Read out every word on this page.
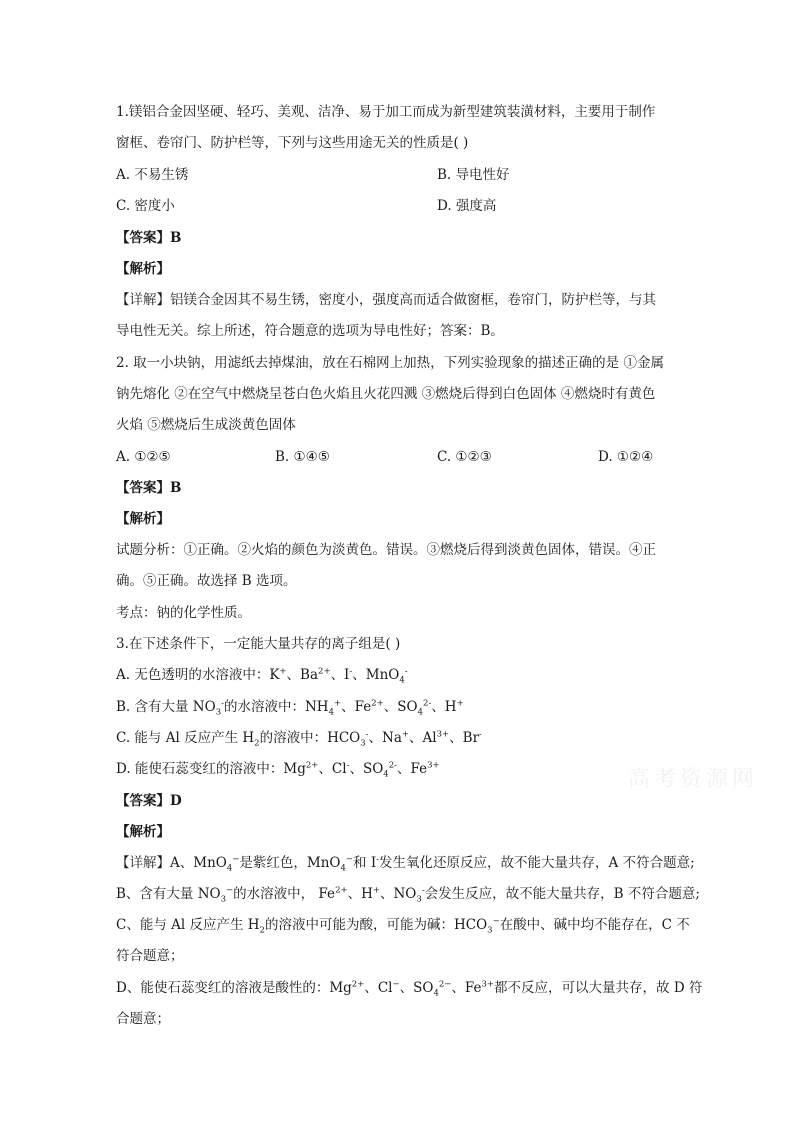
1.镁铝合金因坚硬、轻巧、美观、洁净、易于加工而成为新型建筑装潢材料，主要用于制作
窗框、卷帘门、防护栏等，下列与这些用途无关的性质是( )
A. 不易生锈	B. 导电性好
C. 密度小	D. 强度高
【答案】B
【解析】
【详解】铝镁合金因其不易生锈，密度小，强度高而适合做窗框，卷帘门，防护栏等，与其
导电性无关。综上所述，符合题意的选项为导电性好；答案：B。
2. 取一小块钠，用滤纸去掉煤油，放在石棉网上加热，下列实验现象的描述正确的是 ①金属
钠先熔化 ②在空气中燃烧呈苍白色火焰且火花四溅 ③燃烧后得到白色固体 ④燃烧时有黄色
火焰 ⑤燃烧后生成淡黄色固体
A. ①②⑤	B. ①④⑤	C. ①②③	D. ①②④
【答案】B
【解析】
试题分析：①正确。②火焰的颜色为淡黄色。错误。③燃烧后得到淡黄色固体，错误。④正
确。⑤正确。故选择 B 选项。
考点：钠的化学性质。
3.在下述条件下，一定能大量共存的离子组是( )
A. 无色透明的水溶液中：K+、$Ba^{2+}$、I-、MnO$_4$-
B. 含有大量 $NO_3^-$的水溶液中：$NH_4^+$、$Fe^{2+}$、$SO_4^{2-}$、H+
C. 能与 Al 反应产生 $H_2$的溶液中：$HCO_3^-$、Na+、$Al^{3+}$、Br-
D. 能使石蕊变红的溶液中：$Mg^{2+}$、Cl-、$SO_4^{2-}$、$Fe^{3+}$
【答案】D
【解析】
【详解】A、MnO$_4$−是紫红色，MnO$_4$−和 I-发生氧化还原反应，故不能大量共存，A 不符合题意;
B、含有大量 $NO_3^-$的水溶液中， $Fe^{2+}$、H+、$NO_3^-$会发生反应，故不能大量共存，B 不符合题意;
C、能与 Al 反应产生 $H_2$的溶液中可能为酸，可能为碱：$HCO_3^-$在酸中、碱中均不能存在，C 不
符合题意；
D、能使石蕊变红的溶液是酸性的：$Mg^{2+}$、Cl−、$SO_4^{2-}$、$Fe^{3+}$都不反应，可以大量共存，故 D 符
合题意；
高考资源网
